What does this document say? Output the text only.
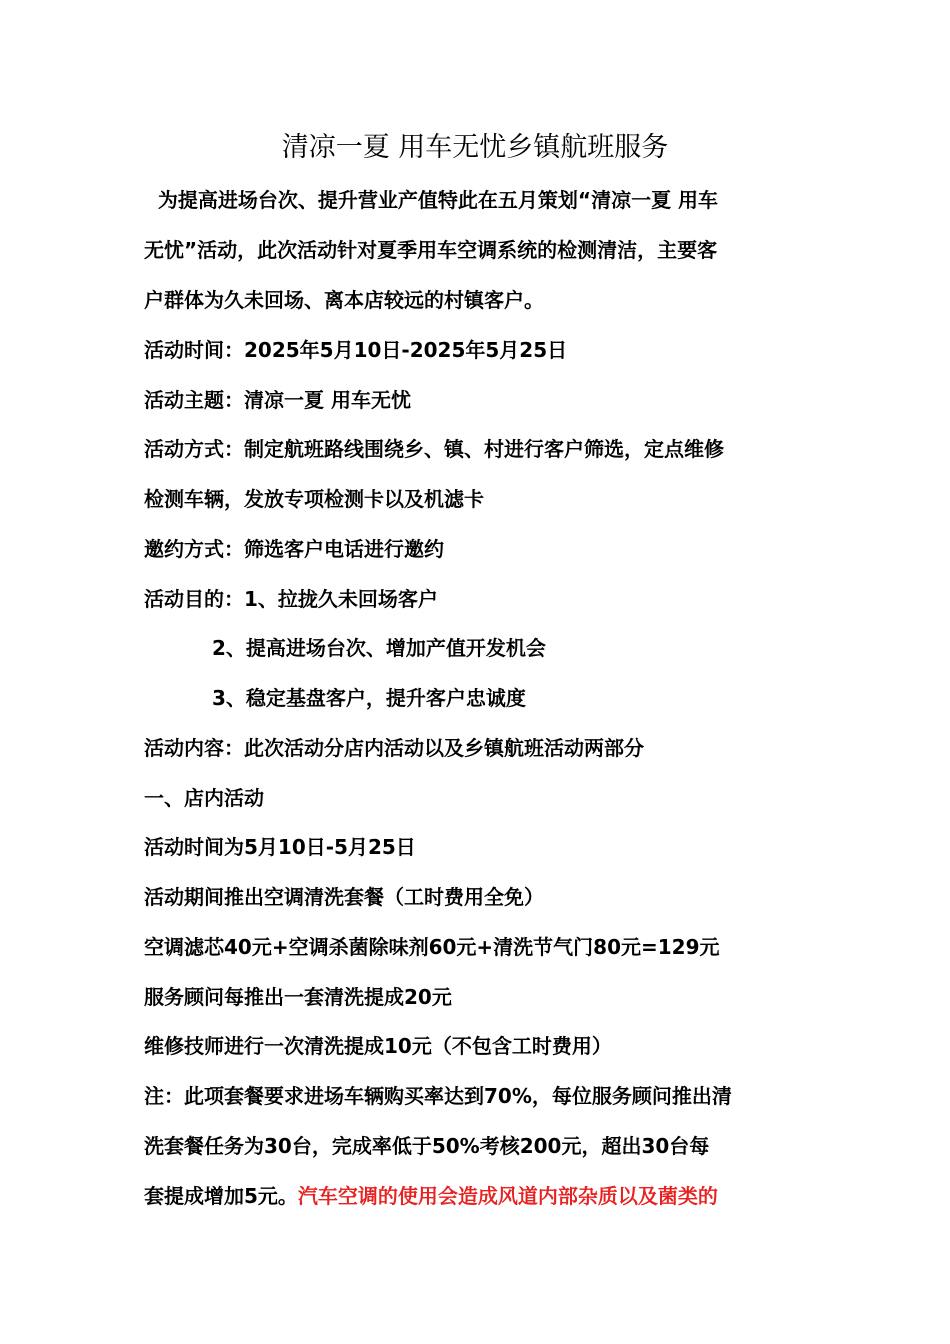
清凉一夏 用车无忧乡镇航班服务

为提高进场台次、提升营业产值特此在五月策划“清凉一夏 用车

无忧”活动，此次活动针对夏季用车空调系统的检测清洁，主要客

户群体为久未回场、离本店较远的村镇客户。

活动时间：2025年5月10日-2025年5月25日

活动主题：清凉一夏 用车无忧

活动方式：制定航班路线围绕乡、镇、村进行客户筛选，定点维修

检测车辆，发放专项检测卡以及机滤卡

邀约方式：筛选客户电话进行邀约

活动目的：1、拉拢久未回场客户

2、提高进场台次、增加产值开发机会

3、稳定基盘客户，提升客户忠诚度

活动内容：此次活动分店内活动以及乡镇航班活动两部分

一、店内活动

活动时间为5月10日-5月25日

活动期间推出空调清洗套餐（工时费用全免）

空调滤芯40元+空调杀菌除味剂60元+清洗节气门80元=129元

服务顾问每推出一套清洗提成20元

维修技师进行一次清洗提成10元（不包含工时费用）

注：此项套餐要求进场车辆购买率达到70%，每位服务顾问推出清

洗套餐任务为30台，完成率低于50%考核200元，超出30台每

套提成增加5元。汽车空调的使用会造成风道内部杂质以及菌类的
